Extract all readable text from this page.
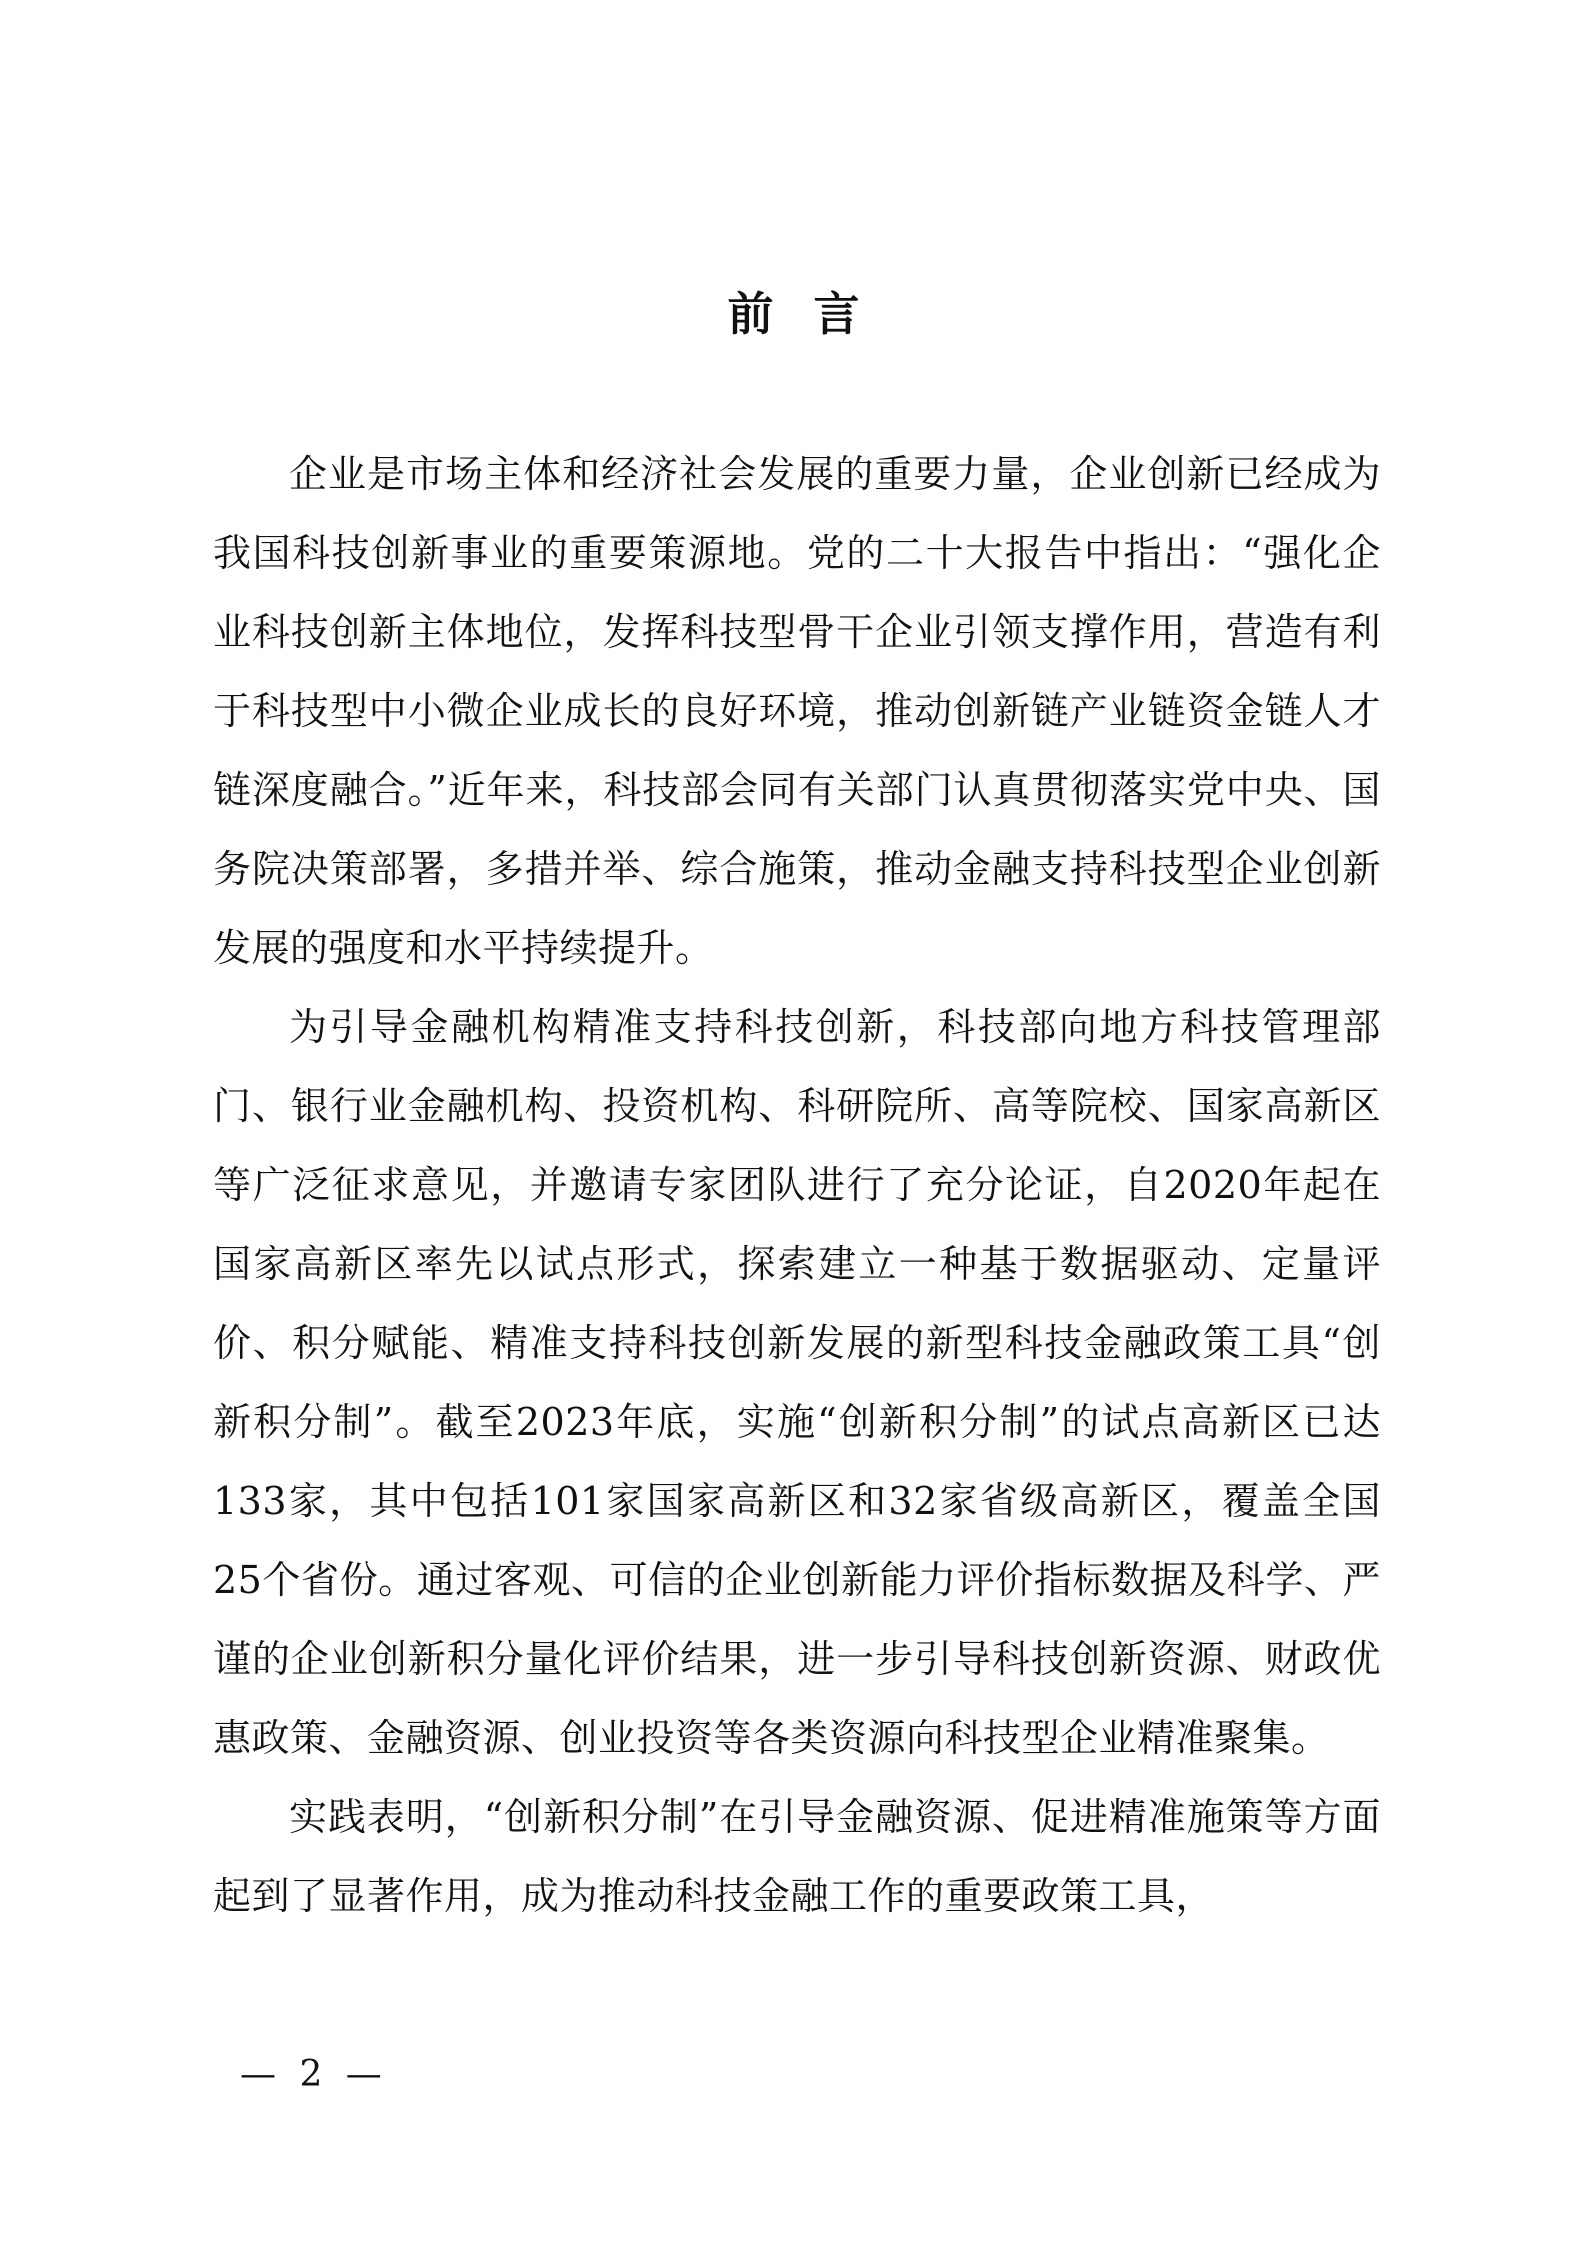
前言

企业是市场主体和经济社会发展的重要力量，企业创新已经成为我国科技创新事业的重要策源地。党的二十大报告中指出：“强化企业科技创新主体地位，发挥科技型骨干企业引领支撑作用，营造有利于科技型中小微企业成长的良好环境，推动创新链产业链资金链人才链深度融合。”近年来，科技部会同有关部门认真贯彻落实党中央、国务院决策部署，多措并举、综合施策，推动金融支持科技型企业创新发展的强度和水平持续提升。

为引导金融机构精准支持科技创新，科技部向地方科技管理部门、银行业金融机构、投资机构、科研院所、高等院校、国家高新区等广泛征求意见，并邀请专家团队进行了充分论证，自2020年起在国家高新区率先以试点形式，探索建立一种基于数据驱动、定量评价、积分赋能、精准支持科技创新发展的新型科技金融政策工具“创新积分制”。截至2023年底，实施“创新积分制”的试点高新区已达133家，其中包括101家国家高新区和32家省级高新区，覆盖全国25个省份。通过客观、可信的企业创新能力评价指标数据及科学、严谨的企业创新积分量化评价结果，进一步引导科技创新资源、财政优惠政策、金融资源、创业投资等各类资源向科技型企业精准聚集。

实践表明，“创新积分制”在引导金融资源、促进精准施策等方面起到了显著作用，成为推动科技金融工作的重要政策工具，

— 2 —
